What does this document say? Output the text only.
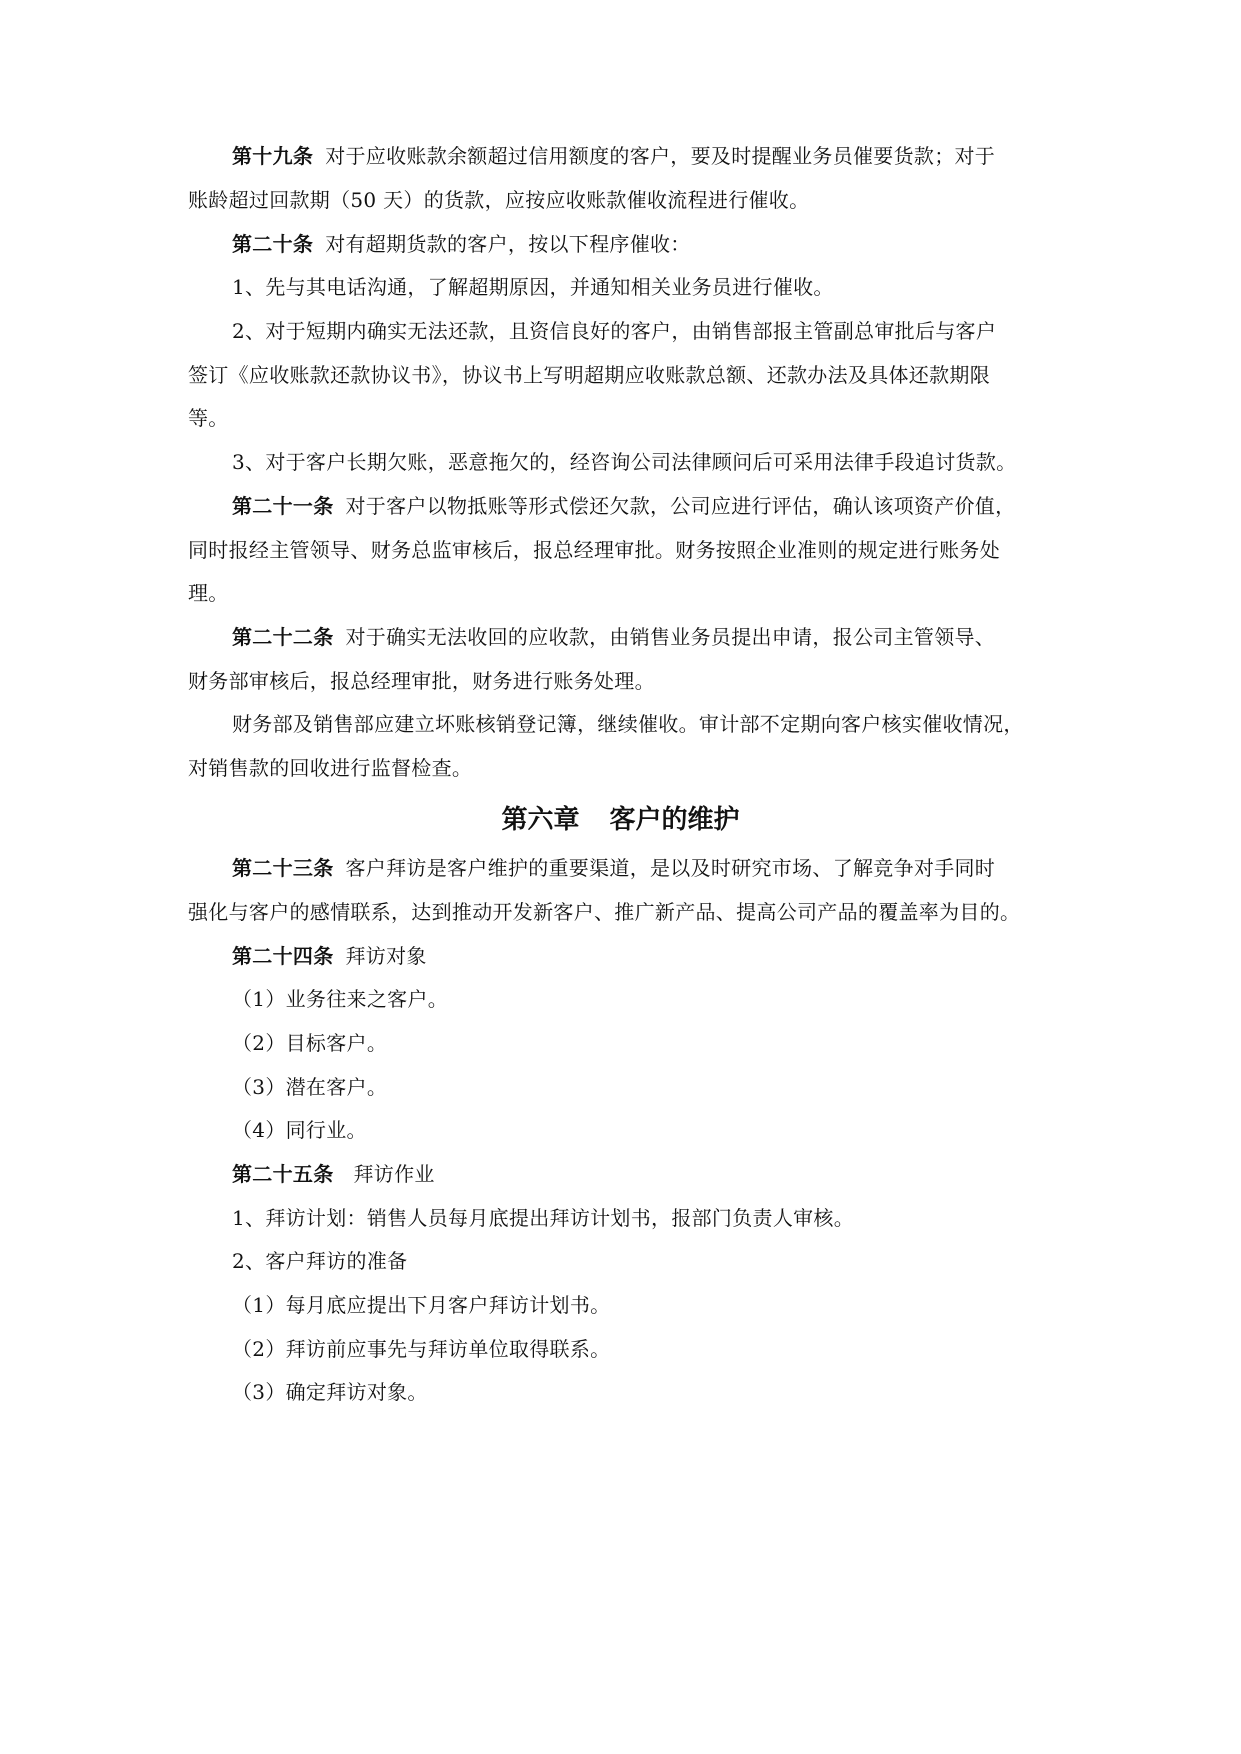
第十九条 对于应收账款余额超过信用额度的客户，要及时提醒业务员催要货款；对于
账龄超过回款期（50 天）的货款，应按应收账款催收流程进行催收。
第二十条 对有超期货款的客户，按以下程序催收：
1、先与其电话沟通，了解超期原因，并通知相关业务员进行催收。
2、对于短期内确实无法还款，且资信良好的客户，由销售部报主管副总审批后与客户
签订《应收账款还款协议书》，协议书上写明超期应收账款总额、还款办法及具体还款期限
等。
3、对于客户长期欠账，恶意拖欠的，经咨询公司法律顾问后可采用法律手段追讨货款。
第二十一条 对于客户以物抵账等形式偿还欠款，公司应进行评估，确认该项资产价值，
同时报经主管领导、财务总监审核后，报总经理审批。财务按照企业准则的规定进行账务处
理。
第二十二条 对于确实无法收回的应收款，由销售业务员提出申请，报公司主管领导、
财务部审核后，报总经理审批，财务进行账务处理。
财务部及销售部应建立坏账核销登记簿，继续催收。审计部不定期向客户核实催收情况，
对销售款的回收进行监督检查。
第六章 客户的维护
第二十三条 客户拜访是客户维护的重要渠道，是以及时研究市场、了解竞争对手同时
强化与客户的感情联系，达到推动开发新客户、推广新产品、提高公司产品的覆盖率为目的。
第二十四条 拜访对象
（1）业务往来之客户。
（2）目标客户。
（3）潜在客户。
（4）同行业。
第二十五条 拜访作业
1、拜访计划：销售人员每月底提出拜访计划书，报部门负责人审核。
2、客户拜访的准备
（1）每月底应提出下月客户拜访计划书。
（2）拜访前应事先与拜访单位取得联系。
（3）确定拜访对象。
